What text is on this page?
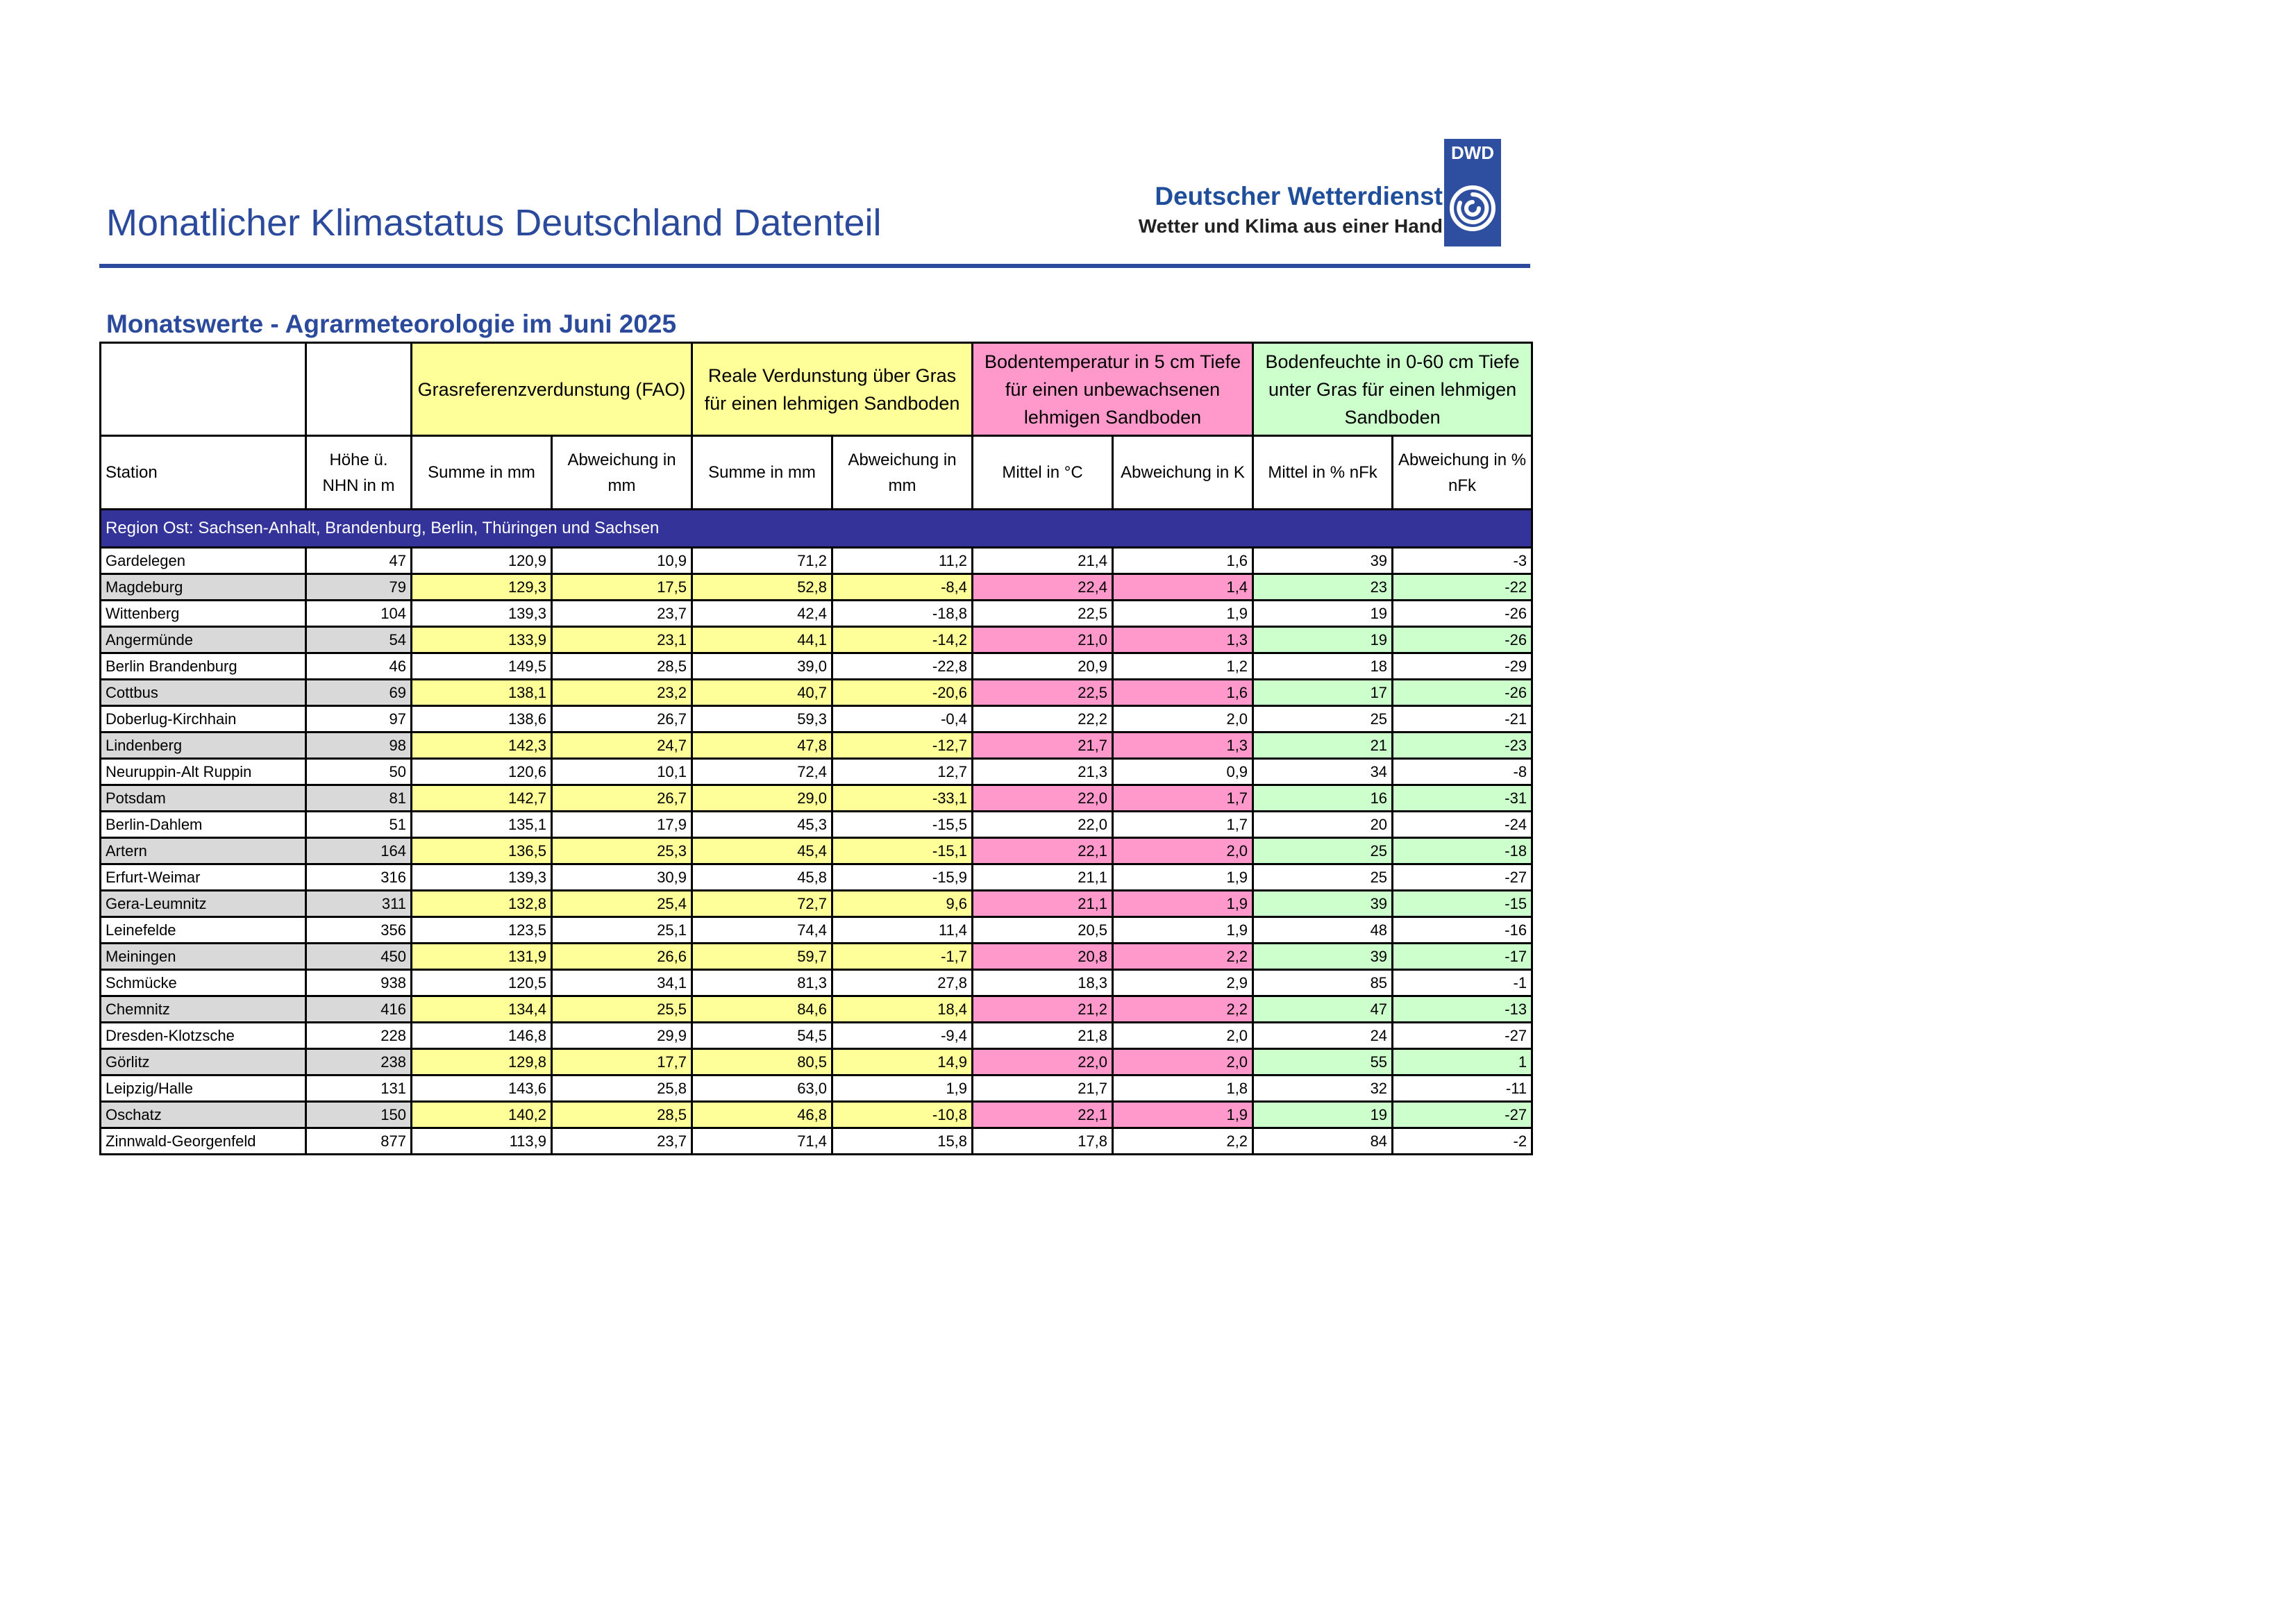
Monatlicher Klimastatus Deutschland Datenteil
Deutscher Wetterdienst
Wetter und Klima aus einer Hand
DWD
Monatswerte - Agrarmeteorologie im Juni 2025
		Grasreferenzverdunstung (FAO)		Reale Verdunstung über Gras für einen lehmigen Sandboden		Bodentemperatur in 5 cm Tiefe für einen unbewachsenen lehmigen Sandboden		Bodenfeuchte in 0-60 cm Tiefe unter Gras für einen lehmigen Sandboden	
Station	Höhe ü. NHN in m	Summe in mm	Abweichung in mm	Summe in mm	Abweichung in mm	Mittel in °C	Abweichung in K	Mittel in % nFk	Abweichung in % nFk
Region Ost: Sachsen-Anhalt, Brandenburg, Berlin, Thüringen und Sachsen									
Gardelegen	47	120,9	10,9	71,2	11,2	21,4	1,6	39	-3
Magdeburg	79	129,3	17,5	52,8	-8,4	22,4	1,4	23	-22
Wittenberg	104	139,3	23,7	42,4	-18,8	22,5	1,9	19	-26
Angermünde	54	133,9	23,1	44,1	-14,2	21,0	1,3	19	-26
Berlin Brandenburg	46	149,5	28,5	39,0	-22,8	20,9	1,2	18	-29
Cottbus	69	138,1	23,2	40,7	-20,6	22,5	1,6	17	-26
Doberlug-Kirchhain	97	138,6	26,7	59,3	-0,4	22,2	2,0	25	-21
Lindenberg	98	142,3	24,7	47,8	-12,7	21,7	1,3	21	-23
Neuruppin-Alt Ruppin	50	120,6	10,1	72,4	12,7	21,3	0,9	34	-8
Potsdam	81	142,7	26,7	29,0	-33,1	22,0	1,7	16	-31
Berlin-Dahlem	51	135,1	17,9	45,3	-15,5	22,0	1,7	20	-24
Artern	164	136,5	25,3	45,4	-15,1	22,1	2,0	25	-18
Erfurt-Weimar	316	139,3	30,9	45,8	-15,9	21,1	1,9	25	-27
Gera-Leumnitz	311	132,8	25,4	72,7	9,6	21,1	1,9	39	-15
Leinefelde	356	123,5	25,1	74,4	11,4	20,5	1,9	48	-16
Meiningen	450	131,9	26,6	59,7	-1,7	20,8	2,2	39	-17
Schmücke	938	120,5	34,1	81,3	27,8	18,3	2,9	85	-1
Chemnitz	416	134,4	25,5	84,6	18,4	21,2	2,2	47	-13
Dresden-Klotzsche	228	146,8	29,9	54,5	-9,4	21,8	2,0	24	-27
Görlitz	238	129,8	17,7	80,5	14,9	22,0	2,0	55	1
Leipzig/Halle	131	143,6	25,8	63,0	1,9	21,7	1,8	32	-11
Oschatz	150	140,2	28,5	46,8	-10,8	22,1	1,9	19	-27
Zinnwald-Georgenfeld	877	113,9	23,7	71,4	15,8	17,8	2,2	84	-2
